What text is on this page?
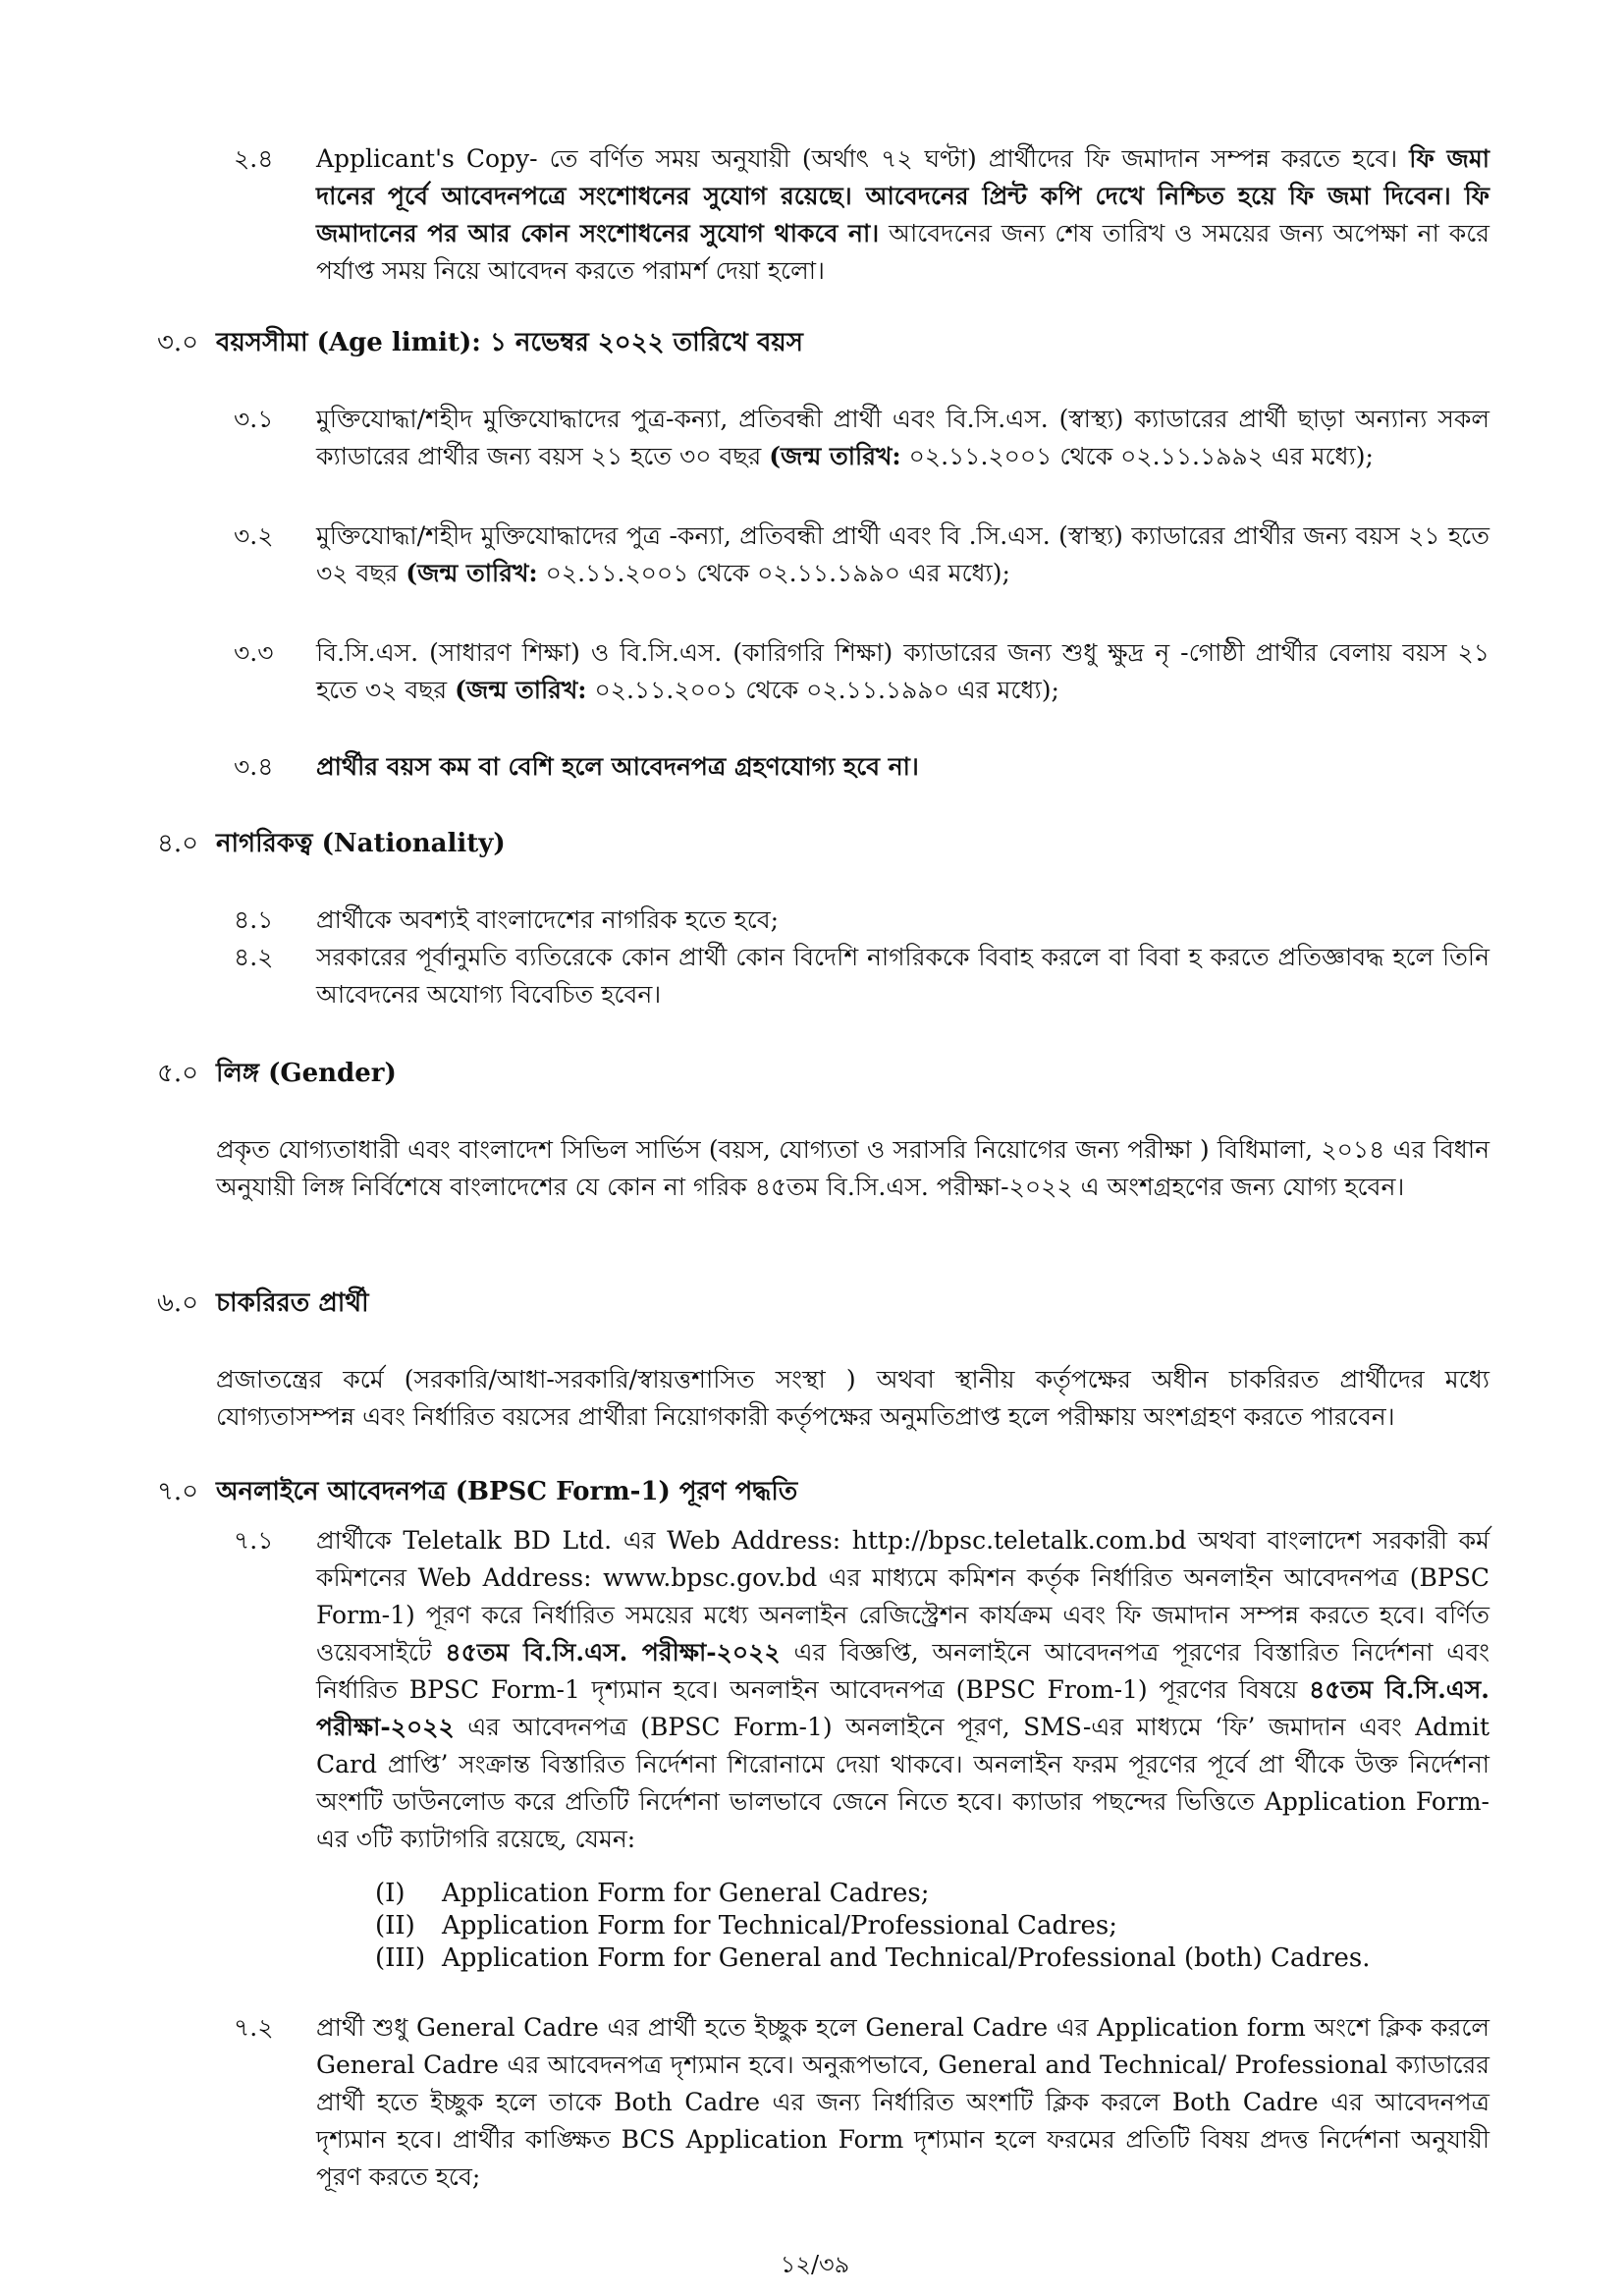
২.৪ Applicant's Copy- তে বর্ণিত সময় অনুযায়ী (অর্থাৎ ৭২ ঘণ্টা) প্রার্থীদের ফি জমাদান সম্পন্ন করতে হবে। ফি জমা দানের পূর্বে আবেদনপত্রে সংশোধনের সুযোগ রয়েছে। আবেদনের প্রিন্ট কপি দেখে নিশ্চিত হয়ে ফি জমা দিবেন। ফি জমাদানের পর আর কোন সংশোধনের সুযোগ থাকবে না। আবেদনের জন্য শেষ তারিখ ও সময়ের জন্য অপেক্ষা না করে পর্যাপ্ত সময় নিয়ে আবেদন করতে পরামর্শ দেয়া হলো।
৩.০ বয়সসীমা (Age limit): ১ নভেম্বর ২০২২ তারিখে বয়স
৩.১ মুক্তিযোদ্ধা/শহীদ মুক্তিযোদ্ধাদের পুত্র-কন্যা, প্রতিবন্ধী প্রার্থী এবং বি.সি.এস. (স্বাস্থ্য) ক্যাডারের প্রার্থী ছাড়া অন্যান্য সকল ক্যাডারের প্রার্থীর জন্য বয়স ২১ হতে ৩০ বছর (জন্ম তারিখ: ০২.১১.২০০১ থেকে ০২.১১.১৯৯২ এর মধ্যে);
৩.২ মুক্তিযোদ্ধা/শহীদ মুক্তিযোদ্ধাদের পুত্র -কন্যা, প্রতিবন্ধী প্রার্থী এবং বি .সি.এস. (স্বাস্থ্য) ক্যাডারের প্রার্থীর জন্য বয়স ২১ হতে ৩২ বছর (জন্ম তারিখ: ০২.১১.২০০১ থেকে ০২.১১.১৯৯০ এর মধ্যে);
৩.৩ বি.সি.এস. (সাধারণ শিক্ষা) ও বি.সি.এস. (কারিগরি শিক্ষা) ক্যাডারের জন্য শুধু ক্ষুদ্র নৃ -গোষ্ঠী প্রার্থীর বেলায় বয়স ২১ হতে ৩২ বছর (জন্ম তারিখ: ০২.১১.২০০১ থেকে ০২.১১.১৯৯০ এর মধ্যে);
৩.৪ প্রার্থীর বয়স কম বা বেশি হলে আবেদনপত্র গ্রহণযোগ্য হবে না।
৪.০ নাগরিকত্ব (Nationality)
৪.১ প্রার্থীকে অবশ্যই বাংলাদেশের নাগরিক হতে হবে;
৪.২ সরকারের পূর্বানুমতি ব্যতিরেকে কোন প্রার্থী কোন বিদেশি নাগরিককে বিবাহ করলে বা বিবা হ করতে প্রতিজ্ঞাবদ্ধ হলে তিনি আবেদনের অযোগ্য বিবেচিত হবেন।
৫.০ লিঙ্গ (Gender)
প্রকৃত যোগ্যতাধারী এবং বাংলাদেশ সিভিল সার্ভিস (বয়স, যোগ্যতা ও সরাসরি নিয়োগের জন্য পরীক্ষা ) বিধিমালা, ২০১৪ এর বিধান অনুযায়ী লিঙ্গ নির্বিশেষে বাংলাদেশের যে কোন না গরিক ৪৫তম বি.সি.এস. পরীক্ষা-২০২২ এ অংশগ্রহণের জন্য যোগ্য হবেন।
৬.০ চাকরিরত প্রার্থী
প্রজাতন্ত্রের কর্মে (সরকারি/আধা-সরকারি/স্বায়ত্তশাসিত সংস্থা ) অথবা স্থানীয় কর্তৃপক্ষের অধীন চাকরিরত প্রার্থীদের মধ্যে যোগ্যতাসম্পন্ন এবং নির্ধারিত বয়সের প্রার্থীরা নিয়োগকারী কর্তৃপক্ষের অনুমতিপ্রাপ্ত হলে পরীক্ষায় অংশগ্রহণ করতে পারবেন।
৭.০ অনলাইনে আবেদনপত্র (BPSC Form-1) পূরণ পদ্ধতি
৭.১ প্রার্থীকে Teletalk BD Ltd. এর Web Address: http://bpsc.teletalk.com.bd অথবা বাংলাদেশ সরকারী কর্ম কমিশনের Web Address: www.bpsc.gov.bd এর মাধ্যমে কমিশন কর্তৃক নির্ধারিত অনলাইন আবেদনপত্র (BPSC Form-1) পূরণ করে নির্ধারিত সময়ের মধ্যে অনলাইন রেজিস্ট্রেশন কার্যক্রম এবং ফি জমাদান সম্পন্ন করতে হবে। বর্ণিত ওয়েবসাইটে ৪৫তম বি.সি.এস. পরীক্ষা-২০২২ এর বিজ্ঞপ্তি, অনলাইনে আবেদনপত্র পূরণের বিস্তারিত নির্দেশনা এবং নির্ধারিত BPSC Form-1 দৃশ্যমান হবে। অনলাইন আবেদনপত্র (BPSC From-1) পূরণের বিষয়ে ৪৫তম বি.সি.এস. পরীক্ষা-২০২২ এর আবেদনপত্র (BPSC Form-1) অনলাইনে পূরণ, SMS-এর মাধ্যমে ‘ফি’ জমাদান এবং Admit Card প্রাপ্তি’ সংক্রান্ত বিস্তারিত নির্দেশনা শিরোনামে দেয়া থাকবে। অনলাইন ফরম পূরণের পূর্বে প্রা র্থীকে উক্ত নির্দেশনা অংশটি ডাউনলোড করে প্রতিটি নির্দেশনা ভালভাবে জেনে নিতে হবে। ক্যাডার পছন্দের ভিত্তিতে Application Form-এর ৩টি ক্যাটাগরি রয়েছে, যেমন:
(I) Application Form for General Cadres;
(II) Application Form for Technical/Professional Cadres;
(III) Application Form for General and Technical/Professional (both) Cadres.
৭.২ প্রার্থী শুধু General Cadre এর প্রার্থী হতে ইচ্ছুক হলে General Cadre এর Application form অংশে ক্লিক করলে General Cadre এর আবেদনপত্র দৃশ্যমান হবে। অনুরূপভাবে, General and Technical/ Professional ক্যাডারের প্রার্থী হতে ইচ্ছুক হলে তাকে Both Cadre এর জন্য নির্ধারিত অংশটি ক্লিক করলে Both Cadre এর আবেদনপত্র দৃশ্যমান হবে। প্রার্থীর কাঙ্ক্ষিত BCS Application Form দৃশ্যমান হলে ফরমের প্রতিটি বিষয় প্রদত্ত নির্দেশনা অনুযায়ী পূরণ করতে হবে;
১২/৩৯
